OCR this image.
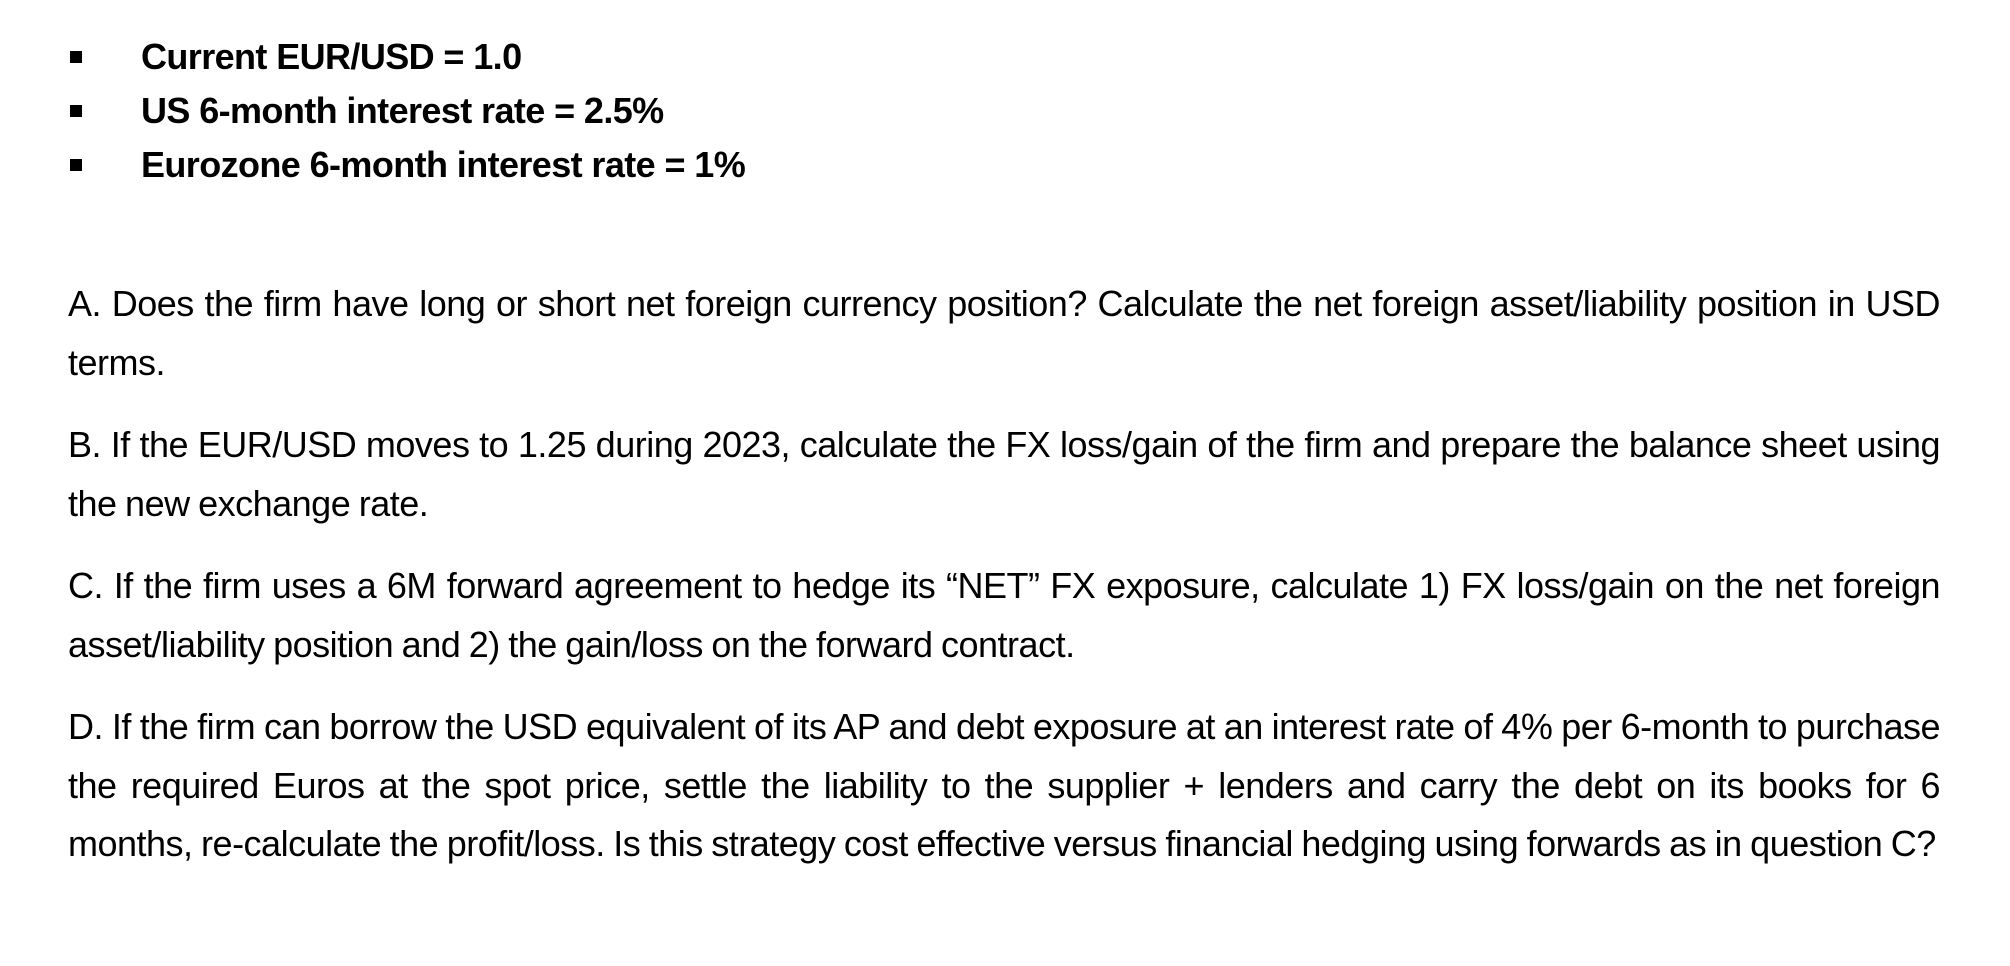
Current EUR/USD = 1.0
US 6-month interest rate = 2.5%
Eurozone 6-month interest rate = 1%

A. Does the firm have long or short net foreign currency position? Calculate the net foreign asset/liability position in USD terms.

B. If the EUR/USD moves to 1.25 during 2023, calculate the FX loss/gain of the firm and prepare the balance sheet using the new exchange rate.

C. If the firm uses a 6M forward agreement to hedge its “NET” FX exposure, calculate 1) FX loss/gain on the net foreign asset/liability position and 2) the gain/loss on the forward contract.

D. If the firm can borrow the USD equivalent of its AP and debt exposure at an interest rate of 4% per 6-month to purchase the required Euros at the spot price, settle the liability to the supplier + lenders and carry the debt on its books for 6 months, re-calculate the profit/loss. Is this strategy cost effective versus financial hedging using forwards as in question C?
